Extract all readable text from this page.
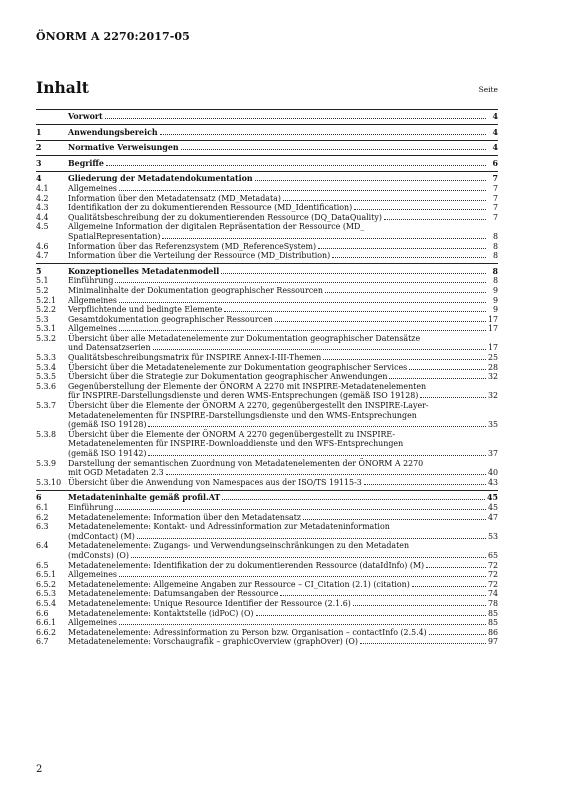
ÖNORM A 2270:2017-05
Inhalt	Seite
Vorwort	4
1	Anwendungsbereich	4
2	Normative Verweisungen	4
3	Begriffe	6
4	Gliederung der Metadatendokumentation	7
4.1	Allgemeines	7
4.2	Information über den Metadatensatz (MD_Metadata)	7
4.3	Identifikation der zu dokumentierenden Ressource (MD_Identification)	7
4.4	Qualitätsbeschreibung der zu dokumentierenden Ressource (DQ_DataQuality)	7
4.5	Allgemeine Information der digitalen Repräsentation der Ressource (MD_
SpatialRepresentation)	8
4.6	Information über das Referenzsystem (MD_ReferenceSystem)	8
4.7	Information über die Verteilung der Ressource (MD_Distribution)	8
5	Konzeptionelles Metadatenmodell	8
5.1	Einführung	8
5.2	Minimalinhalte der Dokumentation geographischer Ressourcen	9
5.2.1	Allgemeines	9
5.2.2	Verpflichtende und bedingte Elemente	9
5.3	Gesamtdokumentation geographischer Ressourcen	17
5.3.1	Allgemeines	17
5.3.2	Übersicht über alle Metadatenelemente zur Dokumentation geographischer Datensätze
und Datensatzserien	17
5.3.3	Qualitätsbeschreibungsmatrix für INSPIRE Annex-I-III-Themen	25
5.3.4	Übersicht über die Metadatenelemente zur Dokumentation geographischer Services	28
5.3.5	Übersicht über die Strategie zur Dokumentation geographischer Anwendungen	32
5.3.6	Gegenüberstellung der Elemente der ÖNORM A 2270 mit INSPIRE-Metadatenelementen
für INSPIRE-Darstellungsdienste und deren WMS-Entsprechungen (gemäß ISO 19128)	32
5.3.7	Übersicht über die Elemente der ÖNORM A 2270, gegenübergestellt den INSPIRE-Layer-
Metadatenelementen für INSPIRE-Darstellungsdienste und den WMS-Entsprechungen
(gemäß ISO 19128)	35
5.3.8	Übersicht über die Elemente der ÖNORM A 2270 gegenübergestellt zu INSPIRE-
Metadatenelementen für INSPIRE-Downloaddienste und den WFS-Entsprechungen
(gemäß ISO 19142)	37
5.3.9	Darstellung der semantischen Zuordnung von Metadatenelementen der ÖNORM A 2270
mit OGD Metadaten 2.3	40
5.3.10 Übersicht über die Anwendung von Namespaces aus der ISO/TS 19115-3	43
6	Metadateninhalte gemäß profil.AT	45
6.1	Einführung	45
6.2	Metadatenelemente: Information über den Metadatensatz	47
6.3	Metadatenelemente: Kontakt- und Adressinformation zur Metadateninformation
(mdContact) (M)	53
6.4	Metadatenelemente: Zugangs- und Verwendungseinschränkungen zu den Metadaten
(mdConsts) (O)	65
6.5	Metadatenelemente: Identifikation der zu dokumentierenden Ressource (dataIdInfo) (M)	72
6.5.1	Allgemeines	72
6.5.2	Metadatenelemente: Allgemeine Angaben zur Ressource – CI_Citation (2.1) (citation)	72
6.5.3	Metadatenelemente: Datumsangaben der Ressource	74
6.5.4	Metadatenelemente: Unique Resource Identifier der Ressource (2.1.6)	78
6.6	Metadatenelemente: Kontaktstelle (idPoC) (O)	85
6.6.1	Allgemeines	85
6.6.2	Metadatenelemente: Adressinformation zu Person bzw. Organisation – contactInfo (2.5.4)	86
6.7	Metadatenelemente: Vorschaugrafik – graphicOverview (graphOver) (O)	97
2
